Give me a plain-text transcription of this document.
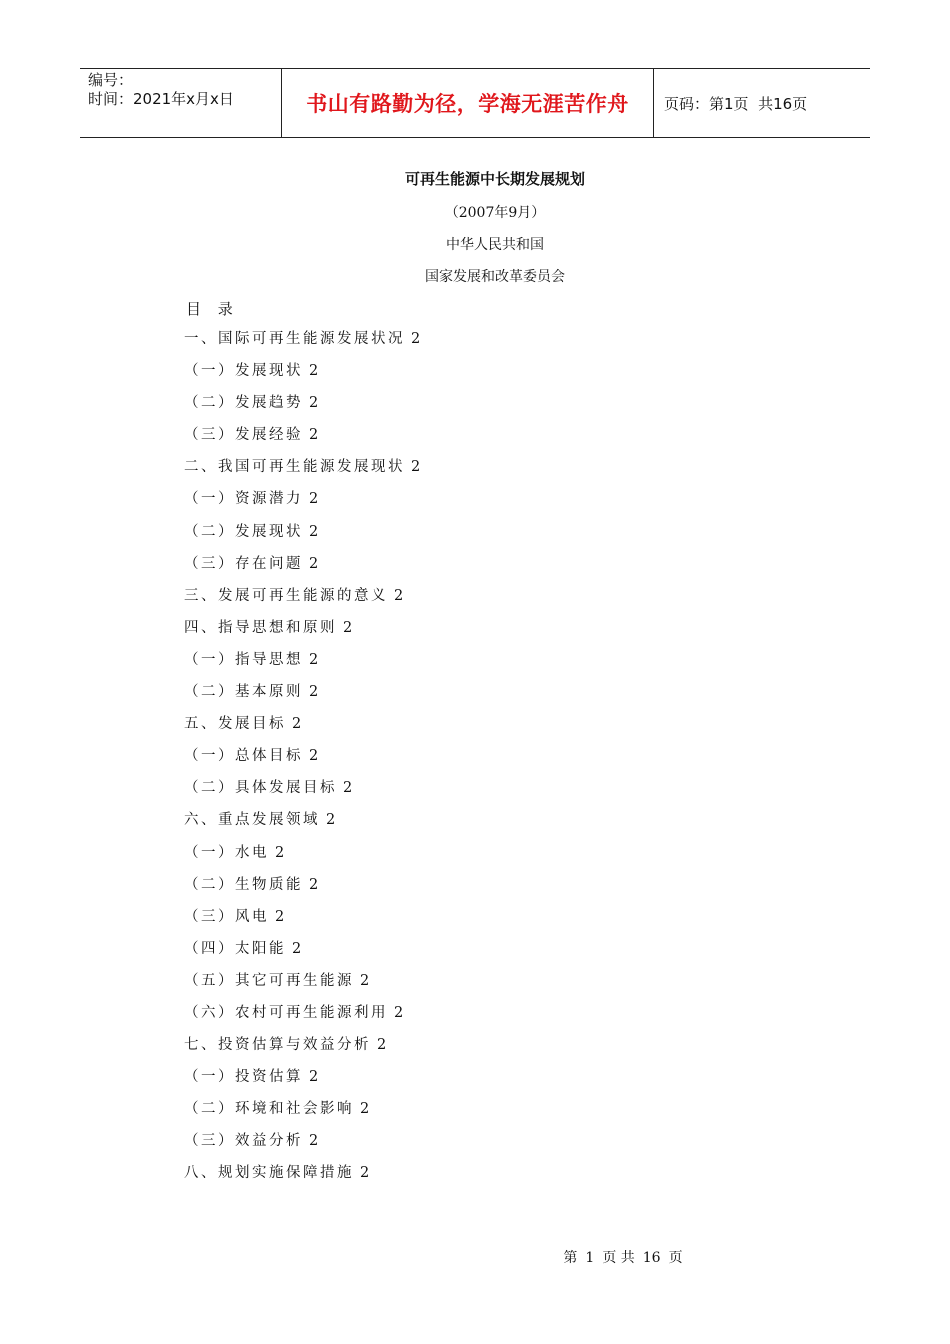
编号：
时间：2021年x月x日	书山有路勤为径，学海无涯苦作舟 页码：第1页  共16页
可再生能源中长期发展规划
（2007年9月）
中华人民共和国
国家发展和改革委员会
目 录
一、国际可再生能源发展状况 2
（一）发展现状 2
（二）发展趋势 2
（三）发展经验 2
二、我国可再生能源发展现状 2
（一）资源潜力 2
（二）发展现状 2
（三）存在问题 2
三、发展可再生能源的意义 2
四、指导思想和原则 2
（一）指导思想 2
（二）基本原则 2
五、发展目标 2
（一）总体目标 2
（二）具体发展目标 2
六、重点发展领域 2
（一）水电 2
（二）生物质能 2
（三）风电 2
（四）太阳能 2
（五）其它可再生能源 2
（六）农村可再生能源利用 2
七、投资估算与效益分析 2
（一）投资估算 2
（二）环境和社会影响 2
（三）效益分析 2
八、规划实施保障措施 2
第 1 页 共 16 页
